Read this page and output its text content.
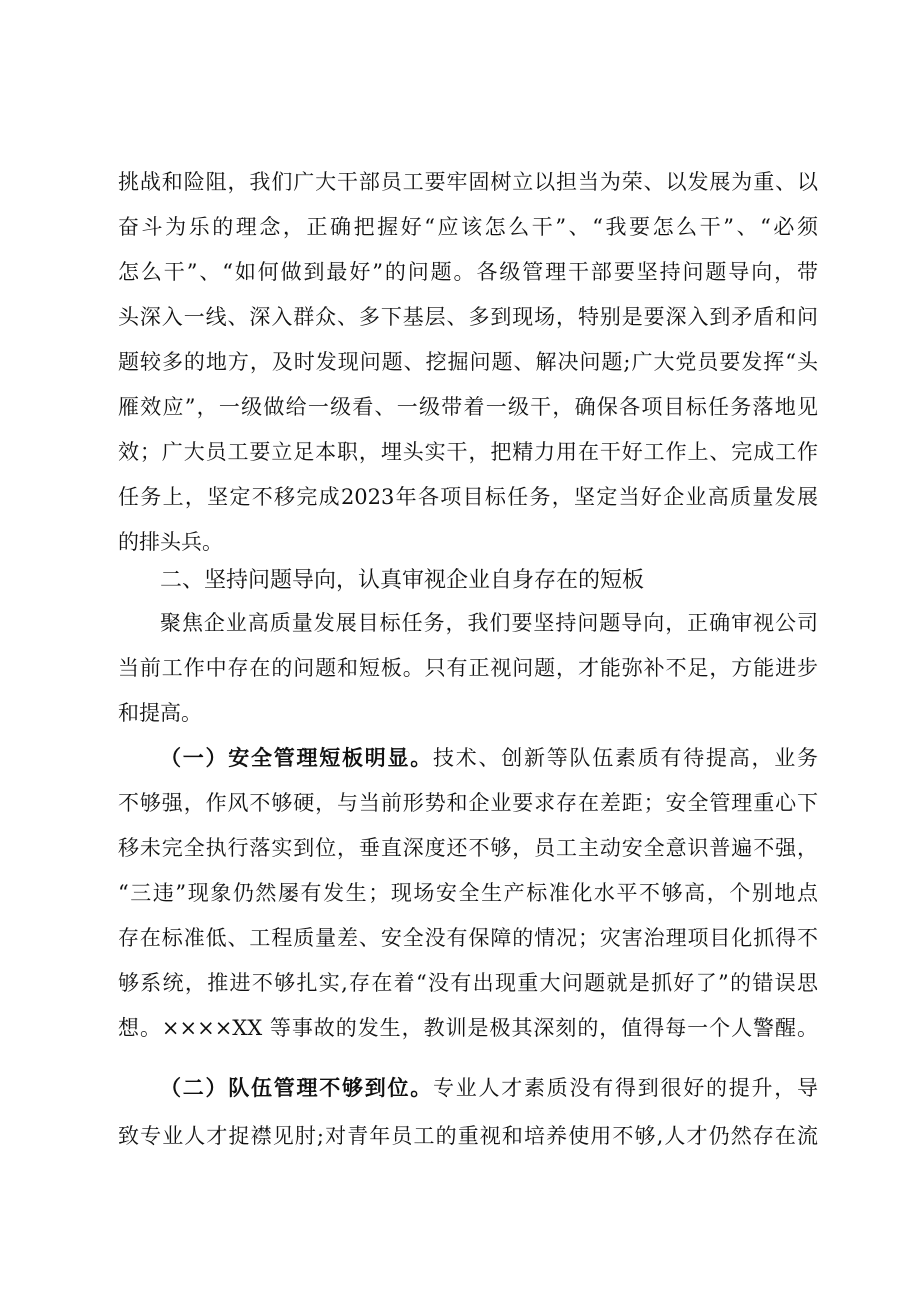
挑战和险阻，我们广大干部员工要牢固树立以担当为荣、以发展为重、以
奋斗为乐的理念，正确把握好“应该怎么干”、“我要怎么干”、“必须
怎么干”、“如何做到最好”的问题。各级管理干部要坚持问题导向，带
头深入一线、深入群众、多下基层、多到现场，特别是要深入到矛盾和问
题较多的地方，及时发现问题、挖掘问题、解决问题;广大党员要发挥“头
雁效应”，一级做给一级看、一级带着一级干，确保各项目标任务落地见
效；广大员工要立足本职，埋头实干，把精力用在干好工作上、完成工作
任务上，坚定不移完成2023年各项目标任务，坚定当好企业高质量发展
的排头兵。
二、坚持问题导向，认真审视企业自身存在的短板
聚焦企业高质量发展目标任务，我们要坚持问题导向，正确审视公司
当前工作中存在的问题和短板。只有正视问题，才能弥补不足，方能进步
和提高。
（一）安全管理短板明显。技术、创新等队伍素质有待提高，业务
不够强，作风不够硬，与当前形势和企业要求存在差距；安全管理重心下
移未完全执行落实到位，垂直深度还不够，员工主动安全意识普遍不强，
“三违”现象仍然屡有发生；现场安全生产标准化水平不够高，个别地点
存在标准低、工程质量差、安全没有保障的情况；灾害治理项目化抓得不
够系统，推进不够扎实,存在着“没有出现重大问题就是抓好了”的错误思
想。××××XX 等事故的发生，教训是极其深刻的，值得每一个人警醒。
（二）队伍管理不够到位。专业人才素质没有得到很好的提升，导
致专业人才捉襟见肘;对青年员工的重视和培养使用不够,人才仍然存在流
